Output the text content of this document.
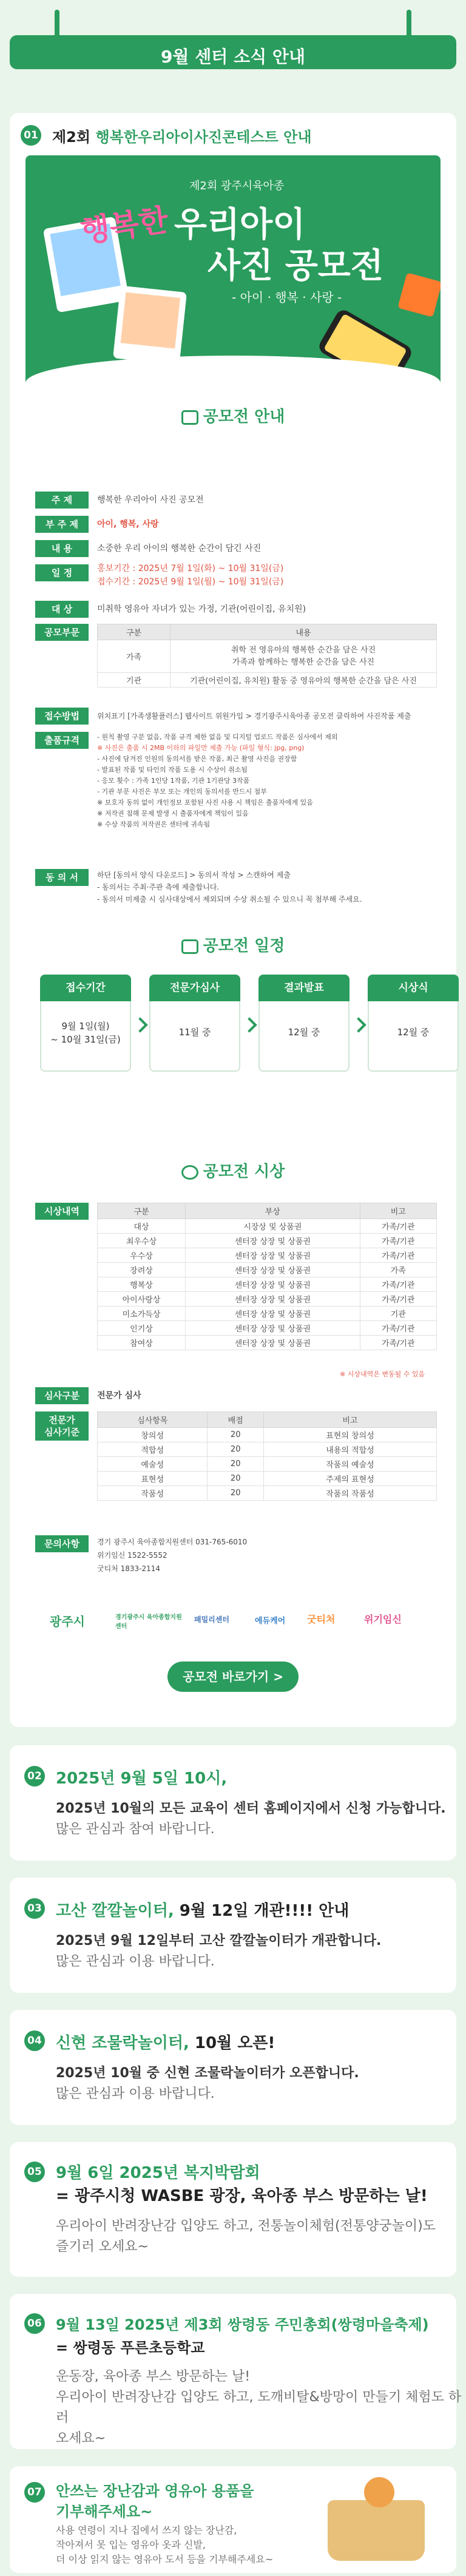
9월 센터 소식 안내
01 제2회 행복한우리아이사진콘테스트 안내
제2회 광주시육아종
행복한 우리아이
사진 공모전
- 아이 · 행복 · 사랑 -
공모전 안내
주 제	행복한 우리아이 사진 공모전
부 주 제	아이, 행복, 사랑
내 용	소중한 우리 아이의 행복한 순간이 담긴 사진
일 정	홍보기간 : 2025년 7월 1일(화) ~ 10월 31일(금)
접수기간 : 2025년 9월 1일(월) ~ 10월 31일(금)
대 상	미취학 영유아 자녀가 있는 가정, 기관(어린이집, 유치원)
공모부문	구분	내용
가족	취학 전 영유아의 행복한 순간을 담은 사진
가족과 함께하는 행복한 순간을 담은 사진
기관	기관(어린이집, 유치원) 활동 중 영유아의 행복한 순간을 담은 사진
접수방법	위치표기 [가족생활플러스] 웹사이트 위원가입 > 경기광주시육아종 공모전 클릭하여 사진작품 제출
출품규격	- 원칙 촬영 구분 없음, 작품 규격 제한 없음 및 디지털 업로드 작품은 심사에서 제외
※ 사진은 출품 시 2MB 이하의 파일만 제출 가능 (파일 형식: jpg, png)
- 사진에 담겨진 인원의 동의서를 받은 작품, 최근 촬영 사진을 권장함
- 발표된 작품 및 타인의 작품 도용 시 수상이 취소됨
- 응모 횟수 : 가족 1인당 1작품, 기관 1기관당 3작품
- 기관 부문 사진은 부모 또는 개인의 동의서를 반드시 첨부
※ 보호자 동의 없이 개인정보 포함된 사진 사용 시 책임은 출품자에게 있음
※ 저작권 침해 문제 발생 시 출품자에게 책임이 있음
※ 수상 작품의 저작권은 센터에 귀속됨
동 의 서	하단 [동의서 양식 다운로드] > 동의서 작성 > 스캔하여 제출
- 동의서는 주최·주관 측에 제출합니다.
- 동의서 미제출 시 심사대상에서 제외되며 수상 취소될 수 있으니 꼭 첨부해 주세요.
공모전 일정
접수기간
9월 1일(월)
~ 10월 31일(금)
전문가심사
11월 중
결과발표
12월 중
시상식
12월 중
공모전 시상
시상내역	구분	부상	비고
대상	시장상 및 상품권	가족/기관
최우수상	센터장 상장 및 상품권	가족/기관
우수상	센터장 상장 및 상품권	가족/기관
장려상	센터장 상장 및 상품권	가족
행복상	센터장 상장 및 상품권	가족/기관
아이사랑상	센터장 상장 및 상품권	가족/기관
미소가득상	센터장 상장 및 상품권	기관
인기상	센터장 상장 및 상품권	가족/기관
참여상	센터장 상장 및 상품권	가족/기관
※ 시상내역은 변동될 수 있음
심사구분	전문가 심사
전문가
심사기준
심사항목	배점	비고
창의성	20	표현의 창의성
적합성	20	내용의 적합성
예술성	20	작품의 예술성
표현성	20	주제의 표현성
작품성	20	작품의 작품성
문의사항	경기 광주시 육아종합지원센터 031-765-6010
위기임신 1522-5552
굿티처 1833-2114
광주시	경기광주시 육아종합지원센터
패밀리센터	에듀케어 굿티처	위기임신
공모전 바로가기 >
02 2025년 9월 5일 10시,
2025년 10월의 모든 교육이 센터 홈페이지에서 신청 가능합니다.
많은 관심과 참여 바랍니다.
03 고산 깔깔놀이터, 9월 12일 개관!!!! 안내
2025년 9월 12일부터 고산 깔깔놀이터가 개관합니다.
많은 관심과 이용 바랍니다.
04 신현 조물락놀이터, 10월 오픈!
2025년 10월 중 신현 조물락놀이터가 오픈합니다.
많은 관심과 이용 바랍니다.
05 9월 6일 2025년 복지박람회
= 광주시청 WASBE 광장, 육아종 부스 방문하는 날!
우리아이 반려장난감 입양도 하고, 전통놀이체험(전통양궁놀이)도
즐기러 오세요~
06 9월 13일 2025년 제3회 쌍령동 주민총회(쌍령마을축제)
= 쌍령동 푸른초등학교
운동장, 육아종 부스 방문하는 날!
우리아이 반려장난감 입양도 하고, 도깨비탈&방망이 만들기 체험도 하러
오세요~
07 안쓰는 장난감과 영유아 용품을
기부해주세요~
사용 연령이 지나 집에서 쓰지 않는 장난감,
작아져서 못 입는 영유아 옷과 신발,
더 이상 읽지 않는 영유아 도서 등을 기부해주세요~
